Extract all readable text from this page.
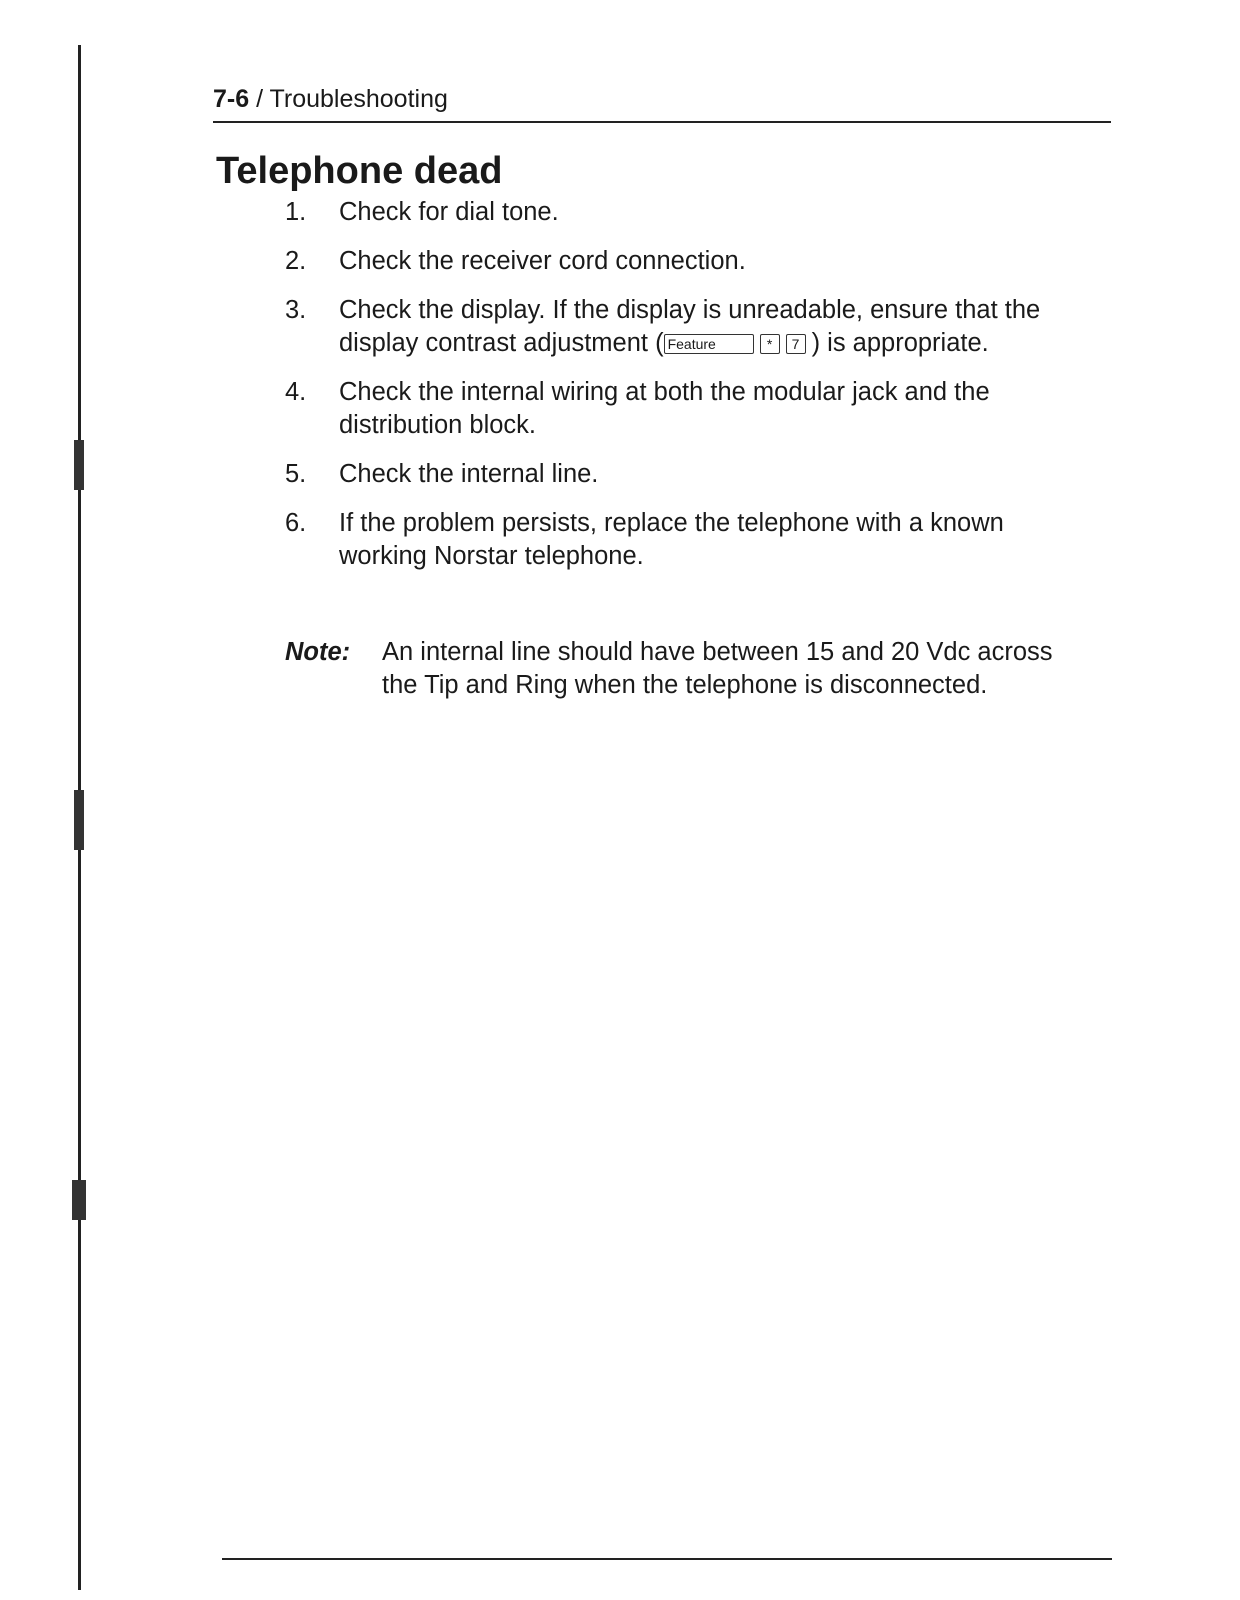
7-6 / Troubleshooting
Telephone dead
1. Check for dial tone.
2. Check the receiver cord connection.
3. Check the display. If the display is unreadable, ensure that the display contrast adjustment ( Feature	* 7 ) is appropriate.
4. Check the internal wiring at both the modular jack and the distribution block.
5. Check the internal line.
6. If the problem persists, replace the telephone with a known working Norstar telephone.
Note: An internal line should have between 15 and 20 Vdc across the Tip and Ring when the telephone is disconnected.
